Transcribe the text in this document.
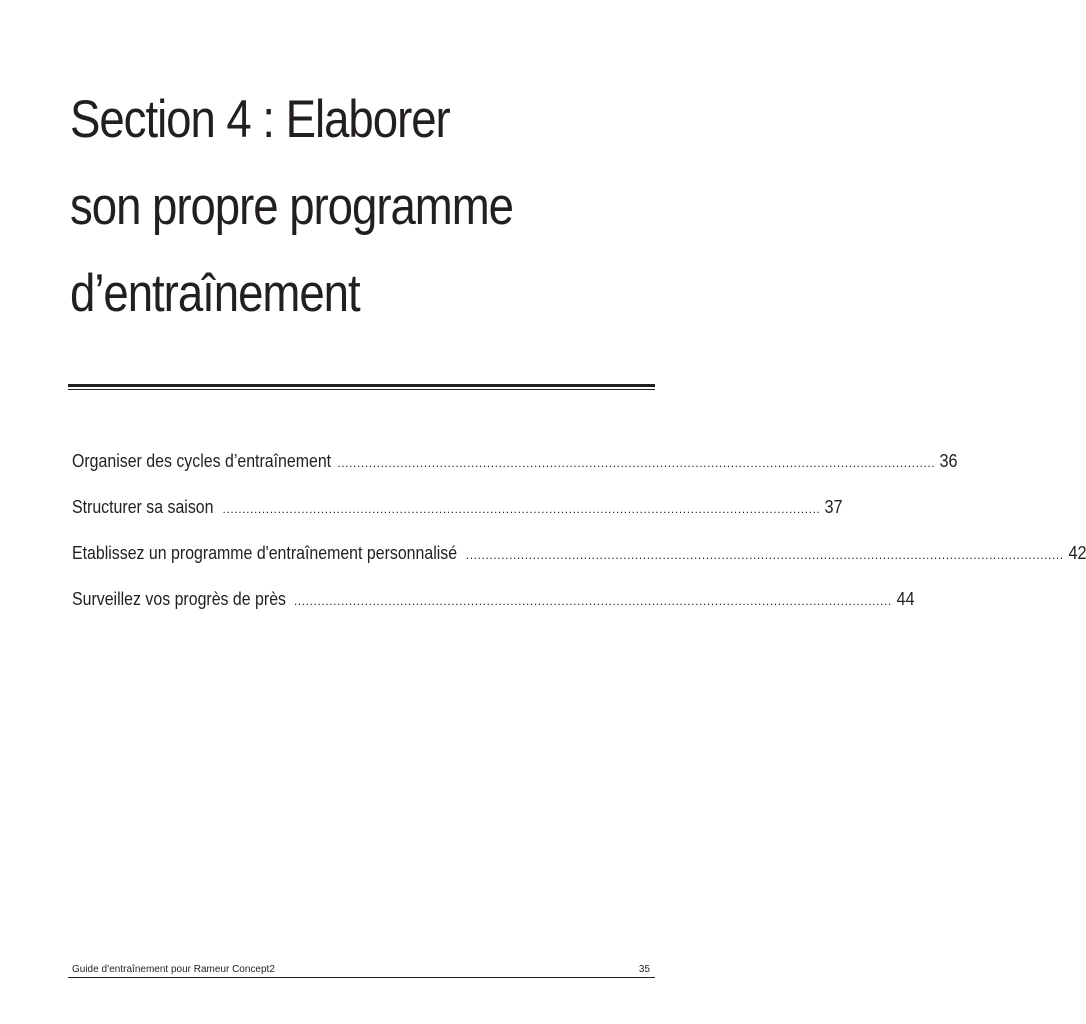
Section 4 : Elaborer
son propre programme
d’entraînement
Organiser des cycles d’entraînement ........................................................................................................................................................ 36
Structurer sa saison ........................................................................................................................................................ 37
Etablissez un programme d'entraînement personnalisé ........................................................................................................................................................ 42
Surveillez vos progrès de près ........................................................................................................................................................ 44
Guide d’entraînement pour Rameur Concept2	35
